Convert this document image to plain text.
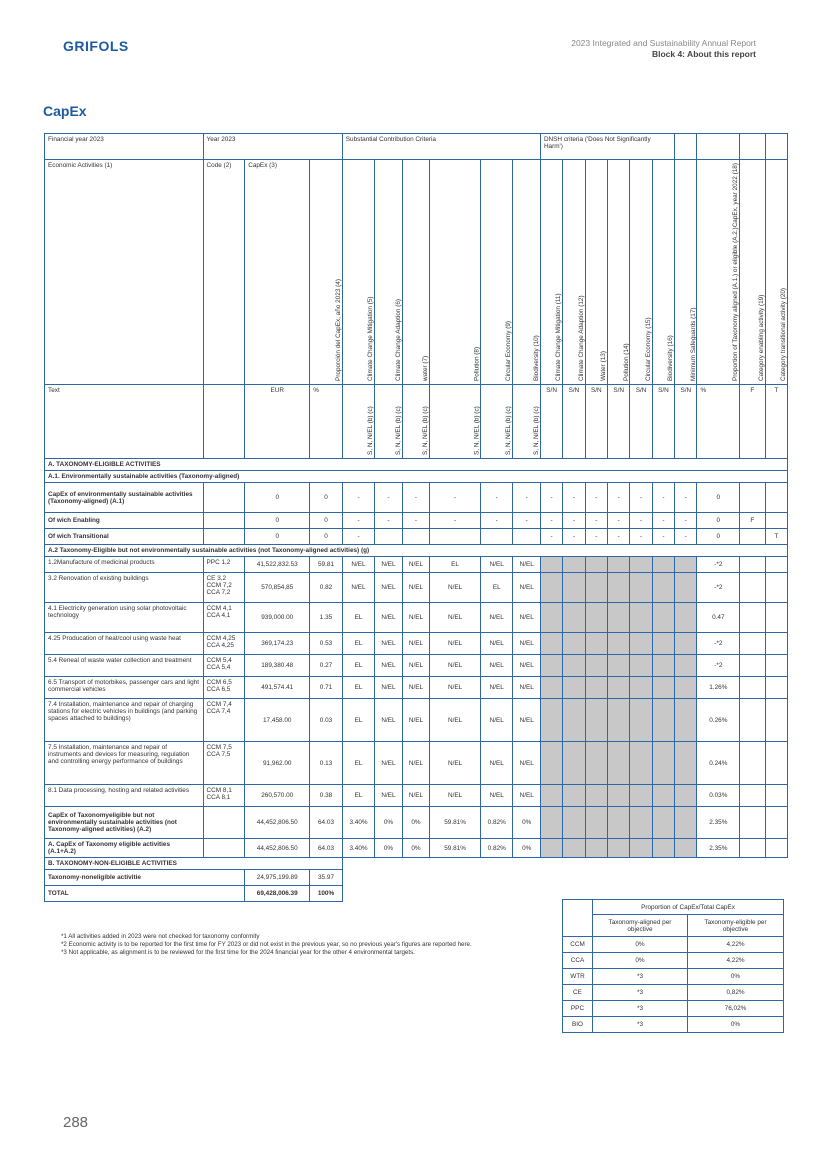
GRIFOLS	2023 Integrated and Sustainability Annual Report
Block 4: About this report
CapEx
Financial year 2023	Year 2023			Substantial Contribution Criteria						DNSH criteria ('Does Not Significantly Harm')									
Economic Activities (1)	Code (2)	CapEx (3)	Proporción del CapEx, año 2023 (4)	Climate Change Mitigation (5)	Climate Change Adaption (6)	water (7)	Pollution (8)	Circular Economy (9)	Biodiversity (10)	Climate Change Mitigation (11)	Climate Change Adaption (12)	Water (13)	Pollution (14)	Circular Economy (15)	Biodiversity (16)	Minimum Safeguards (17)	Proportion of Taxonomy aligned (A.1.) or eligible (A.2.)CapEx, year 2022 (18)	Category enabling activity (19)	Category transitional activity (20)
Text		EUR	%	S, N, N/EL (b) (c)	S, N, N/EL (b) (c)	S, N, N/EL (b) (c)	S, N, N/EL (b) (c)	S, N, N/EL (b) (c)	S, N, N/EL (b) (c)	S/N	S/N	S/N	S/N	S/N	S/N	S/N	%	F	T
A. TAXONOMY-ELIGIBLE ACTIVITIES																			
A.1. Environmentally sustainable activities (Taxonomy-aligned)																			
CapEx of environmentally sustainable activities (Taxonomy-aligned) (A.1)		0	0	-	-	-	-	-	-	-	-	-	-	-	-	-	0		
Of wich Enabling		0	0	-	-	-	-	-	-	-	-	-	-	-	-	-	0	F	
Of wich Transitional		0	0	-						-	-	-	-	-	-	-	0		T
A.2 Taxonomy-Eligible but not environmentally sustainable activities (not Taxonomy-aligned activities) (g)																			
1.2Manufacture of medicinal products	PPC 1,2	41,522,832.53	59.81	N/EL	N/EL	N/EL	EL	N/EL	N/EL								-*2		
3.2 Renovation of existing buildings	CE 3,2
CCM 7,2
CCA 7,2	570,854,85	0.82	N/EL	N/EL	N/EL	N/EL	EL	N/EL								-*2		
4.1 Electricity generation using solar photovoltaic technology	CCM 4,1
CCA 4,1	939,000.00	1.35	EL	N/EL	N/EL	N/EL	N/EL	N/EL								0.47		
4.25 Producation of heat/cool using waste heat	CCM 4,25
CCA 4,25	369,174.23	0.53	EL	N/EL	N/EL	N/EL	N/EL	N/EL								-*2		
5.4 Reneal of waste water collection and treatment	CCM 5,4
CCA 5,4	189,380.48	0.27	EL	N/EL	N/EL	N/EL	N/EL	N/EL								-*2		
6.5 Transport of motorbikes, passenger cars and light commercial vehicles	CCM 6,5
CCA 6,5	491,574.41	0.71	EL	N/EL	N/EL	N/EL	N/EL	N/EL								1.26%		
7.4 Installation, maintenance and repair of charging stations for electric vehicles in buildings (and parking spaces attached to buildings)	CCM 7,4
CCA 7,4	17,458.00	0.03	EL	N/EL	N/EL	N/EL	N/EL	N/EL								0.26%		
7.5 Installation, maintenance and repair of instruments and devices for measuring, regulation and controlling energy performance of buildings	CCM 7,5
CCA 7,5	91,962.00	0.13	EL	N/EL	N/EL	N/EL	N/EL	N/EL								0.24%		
8.1 Data processing, hosting and related activities	CCM 8,1
CCA 8,1	260,570.00	0.38	EL	N/EL	N/EL	N/EL	N/EL	N/EL								0.03%		
CapEx of Taxonomyeligible but not environmentally sustainable activities (not Taxonomy-aligned activities) (A.2)		44,452,806.50	64.03	3.40%	0%	0%	59.81%	0.82%	0%								2.35%		
A. CapEx of Taxonomy eligible activities (A.1+A.2)		44,452,806.50	64.03	3.40%	0%	0%	59.81%	0.82%	0%								2.35%		
B. TAXONOMY-NON-ELIGIBLE ACTIVITIES																			
Taxonomy-noneligible activitie		24,975,199.89	35.97																
TOTAL		69,428,006.39	100%																
*1 All activities added in 2023 were not checked for taxonomy conformity
*2 Economic activity is to be reported for the first time for FY 2023 or did not exist in the previous year, so no previous year's figures are reported here.
*3 Not applicable, as alignment is to be reviewed for the first time for the 2024 financial year for the other 4 environmental targets.
	Proportion of CapEx/Total CapEx	
	Taxonomy-aligned per objective	Taxonomy-eligible per objective
CCM	0%	4,22%
CCA	0%	4,22%
WTR	*3	0%
CE	*3	0,82%
PPC	*3	76,02%
BIO	*3	0%
288
